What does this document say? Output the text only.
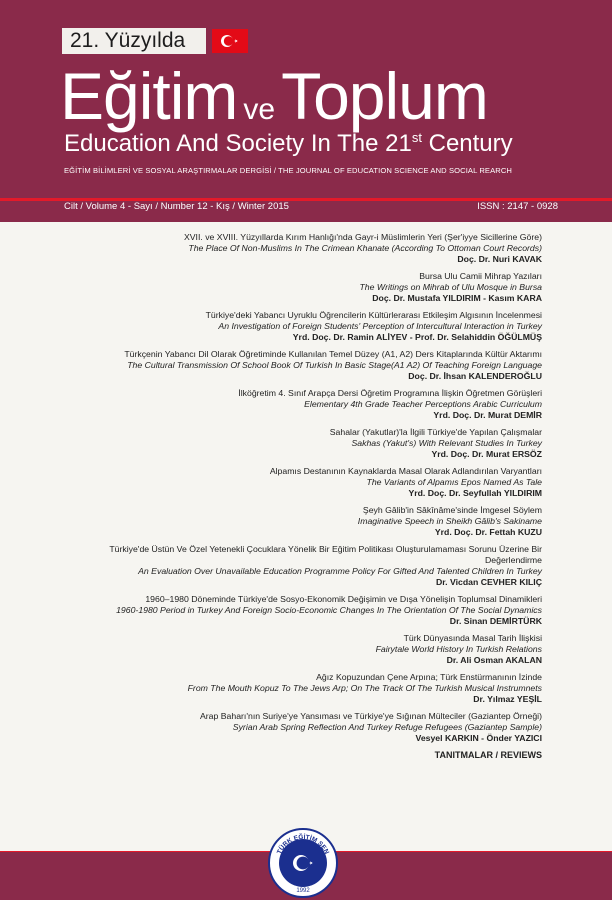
21. Yüzyılda
Eğitim veToplum
Education And Society In The 21st Century
EĞİTİM BİLİMLERİ VE SOSYAL ARAŞTIRMALAR DERGİSİ / THE JOURNAL OF EDUCATION SCIENCE AND SOCIAL REARCH
Cilt / Volume 4 - Sayı / Number 12 - Kış / Winter 2015	ISSN : 2147 - 0928
XVII. ve XVIII. Yüzyıllarda Kırım Hanlığı'nda Gayr-i Müslimlerin Yeri (Şer'iyye Sicillerine Göre)
The Place Of Non-Muslims In The Crimean Khanate (According To Ottoman Court Records)
Doç. Dr. Nuri KAVAK
Bursa Ulu Camii Mihrap Yazıları
The Writings on Mihrab of Ulu Mosque in Bursa
Doç. Dr. Mustafa YILDIRIM - Kasım KARA
Türkiye'deki Yabancı Uyruklu Öğrencilerin Kültürlerarası Etkileşim Algısının İncelenmesi
An Investigation of Foreign Students' Perception of Intercultural Interaction in Turkey
Yrd. Doç. Dr. Ramin ALİYEV - Prof. Dr. Selahiddin ÖĞÜLMÜŞ
Türkçenin Yabancı Dil Olarak Öğretiminde Kullanılan Temel Düzey (A1, A2) Ders Kitaplarında Kültür Aktarımı
The Cultural Transmission Of School Book Of Turkish In Basic Stage(A1 A2) Of Teaching Foreign Language
Doç. Dr. İhsan KALENDEROĞLU
İlköğretim 4. Sınıf Arapça Dersi Öğretim Programına İlişkin Öğretmen Görüşleri
Elementary 4th Grade Teacher Perceptions Arabic Curriculum
Yrd. Doç. Dr. Murat DEMİR
Sahalar (Yakutlar)'la İlgili Türkiye'de Yapılan Çalışmalar
Sakhas (Yakut's) With Relevant Studies In Turkey
Yrd. Doç. Dr. Murat ERSÖZ
Alpamıs Destanının Kaynaklarda Masal Olarak Adlandırılan Varyantları
The Variants of Alpamıs Epos Named As Tale
Yrd. Doç. Dr. Seyfullah YILDIRIM
Şeyh Gâlib'in Sâkînâme'sinde İmgesel Söylem
Imaginative Speech in Sheikh Gâlib's Sakiname
Yrd. Doç. Dr. Fettah KUZU
Türkiye'de Üstün Ve Özel Yetenekli Çocuklara Yönelik Bir Eğitim Politikası Oluşturulamaması Sorunu Üzerine Bir Değerlendirme
An Evaluation Over Unavailable Education Programme Policy For Gifted And Talented Children In Turkey
Dr. Vicdan CEVHER KILIÇ
1960–1980 Döneminde Türkiye'de Sosyo-Ekonomik Değişimin ve Dışa Yönelişin Toplumsal Dinamikleri
1960-1980 Period in Turkey And Foreign Socio-Economic Changes In The Orientation Of The Social Dynamics
Dr. Sinan DEMİRTÜRK
Türk Dünyasında Masal Tarih İlişkisi
Fairytale World History In Turkish Relations
Dr. Ali Osman AKALAN
Ağız Kopuzundan Çene Arpına; Türk Enstürmanının İzinde
From The Mouth Kopuz To The Jews Arp; On The Track Of The Turkish Musical Instrumnets
Dr. Yılmaz YEŞİL
Arap Baharı'nın Suriye'ye Yansıması ve Türkiye'ye Sığınan Mülteciler (Gaziantep Örneği)
Syrian Arab Spring Reflection And Turkey Refuge Refugees (Gaziantep Sample)
Vesyel KARKIN - Önder YAZICI
TANITMALAR / REVIEWS
TÜRK EĞİTİM SEN
1992
